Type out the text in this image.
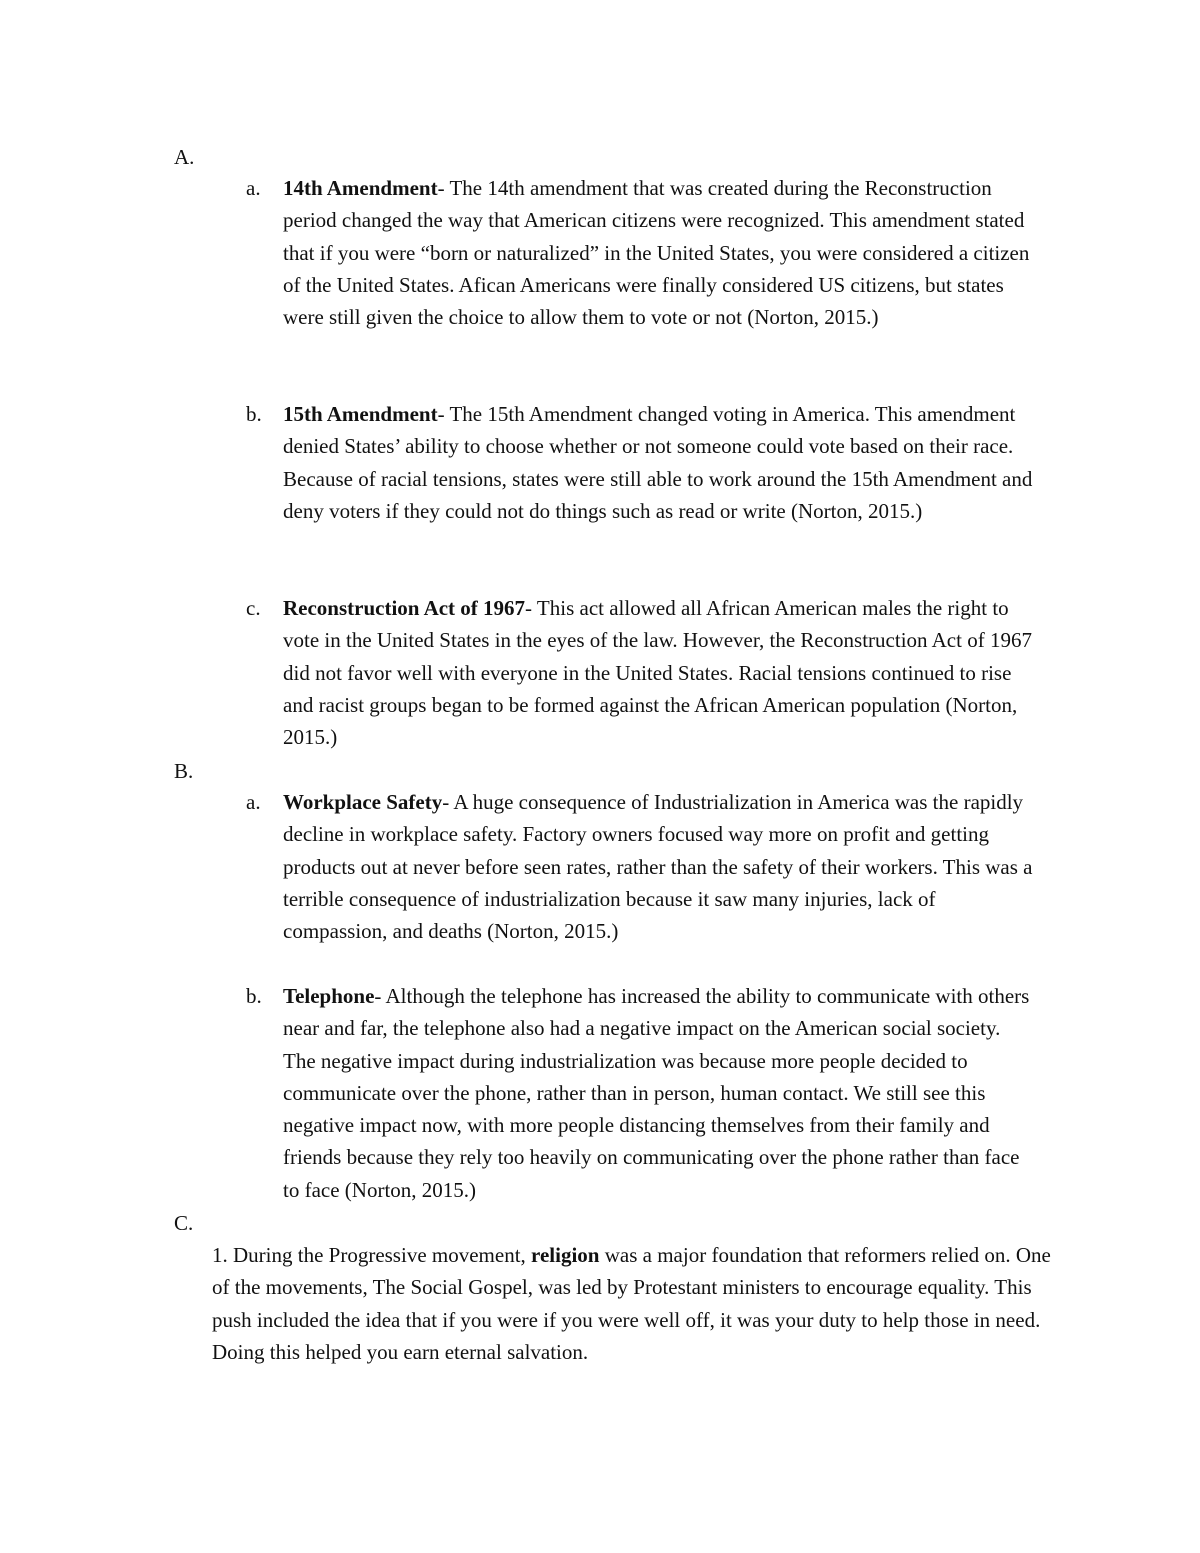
A.
a.	14th Amendment- The 14th amendment that was created during the Reconstruction period changed the way that American citizens were recognized. This amendment stated that if you were “born or naturalized” in the United States, you were considered a citizen of the United States. Afican Americans were finally considered US citizens, but states were still given the choice to allow them to vote or not (Norton, 2015.)
b.	15th Amendment- The 15th Amendment changed voting in America. This amendment denied States’ ability to choose whether or not someone could vote based on their race. Because of racial tensions, states were still able to work around the 15th Amendment and deny voters if they could not do things such as read or write (Norton, 2015.)
c.	Reconstruction Act of 1967- This act allowed all African American males the right to vote in the United States in the eyes of the law. However, the Reconstruction Act of 1967 did not favor well with everyone in the United States. Racial tensions continued to rise and racist groups began to be formed against the African American population (Norton, 2015.)
B.
a.	Workplace Safety- A huge consequence of Industrialization in America was the rapidly decline in workplace safety. Factory owners focused way more on profit and getting products out at never before seen rates, rather than the safety of their workers. This was a terrible consequence of industrialization because it saw many injuries, lack of compassion, and deaths (Norton, 2015.)
b.	Telephone- Although the telephone has increased the ability to communicate with others near and far, the telephone also had a negative impact on the American social society. The negative impact during industrialization was because more people decided to communicate over the phone, rather than in person, human contact. We still see this negative impact now, with more people distancing themselves from their family and friends because they rely too heavily on communicating over the phone rather than face to face (Norton, 2015.)
C.
1. During the Progressive movement, religion was a major foundation that reformers relied on. One of the movements, The Social Gospel, was led by Protestant ministers to encourage equality. This push included the idea that if you were if you were well off, it was your duty to help those in need. Doing this helped you earn eternal salvation.
